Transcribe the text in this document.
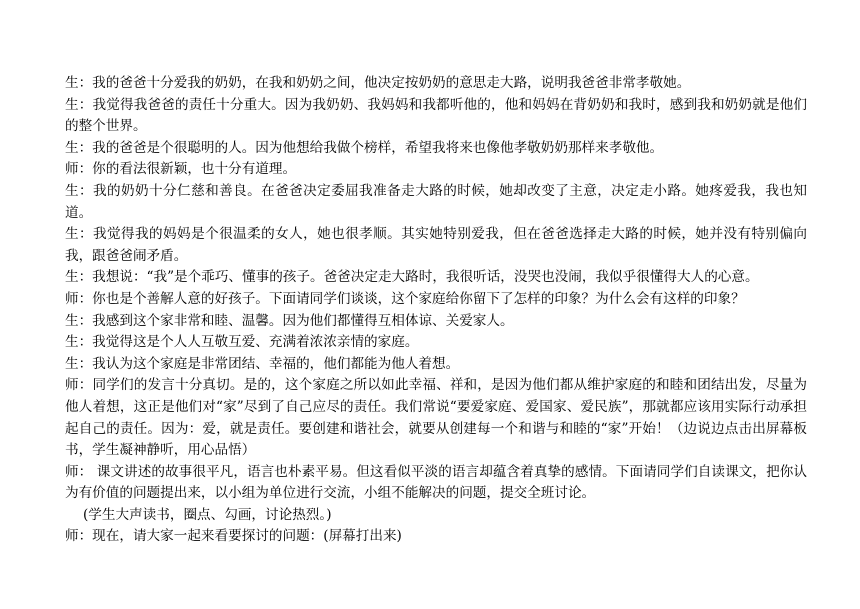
生：我的爸爸十分爱我的奶奶，在我和奶奶之间，他决定按奶奶的意思走大路，说明我爸爸非常孝敬她。

生：我觉得我爸爸的责任十分重大。因为我奶奶、我妈妈和我都听他的，他和妈妈在背奶奶和我时，感到我和奶奶就是他们的整个世界。

生：我的爸爸是个很聪明的人。因为他想给我做个榜样，希望我将来也像他孝敬奶奶那样来孝敬他。

师：你的看法很新颖，也十分有道理。

生：我的奶奶十分仁慈和善良。在爸爸决定委屈我准备走大路的时候，她却改变了主意，决定走小路。她疼爱我，我也知道。

生：我觉得我的妈妈是个很温柔的女人，她也很孝顺。其实她特别爱我，但在爸爸选择走大路的时候，她并没有特别偏向我，跟爸爸闹矛盾。

生：我想说：“我”是个乖巧、懂事的孩子。爸爸决定走大路时，我很听话，没哭也没闹，我似乎很懂得大人的心意。

师：你也是个善解人意的好孩子。下面请同学们谈谈，这个家庭给你留下了怎样的印象？为什么会有这样的印象？

生：我感到这个家非常和睦、温馨。因为他们都懂得互相体谅、关爱家人。

生：我觉得这是个人人互敬互爱、充满着浓浓亲情的家庭。

生：我认为这个家庭是非常团结、幸福的，他们都能为他人着想。

师：同学们的发言十分真切。是的，这个家庭之所以如此幸福、祥和，是因为他们都从维护家庭的和睦和团结出发，尽量为他人着想，这正是他们对“家”尽到了自己应尽的责任。我们常说“要爱家庭、爱国家、爱民族”，那就都应该用实际行动承担起自己的责任。因为：爱，就是责任。要创建和谐社会，就要从创建每一个和谐与和睦的“家”开始！（边说边点击出屏幕板书，学生凝神静听，用心品悟）

师： 课文讲述的故事很平凡，语言也朴素平易。但这看似平淡的语言却蕴含着真挚的感情。下面请同学们自读课文，把你认为有价值的问题提出来，以小组为单位进行交流，小组不能解决的问题，提交全班讨论。

(学生大声读书，圈点、勾画，讨论热烈。)

师：现在，请大家一起来看要探讨的问题：(屏幕打出来)
